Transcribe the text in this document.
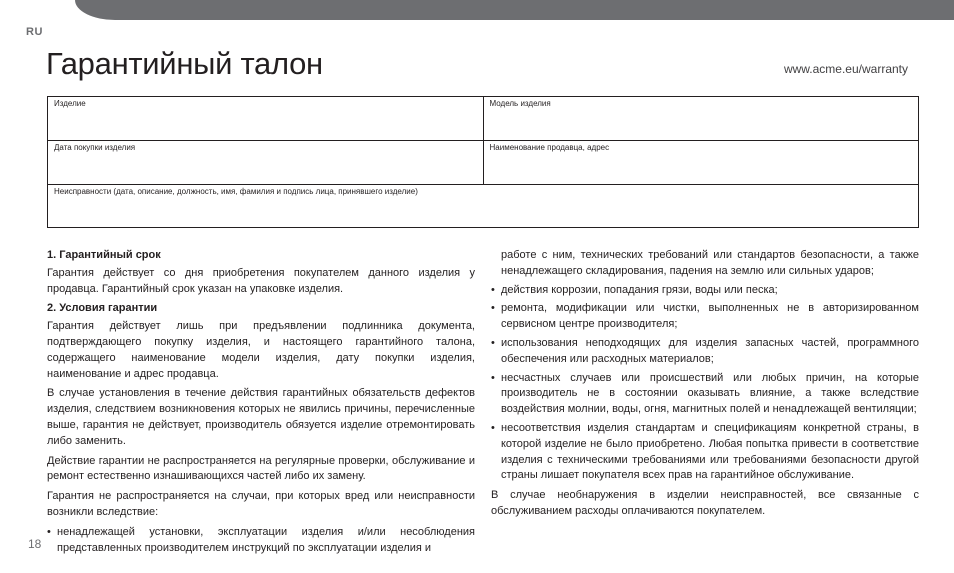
RU
Гарантийный талон	www.acme.eu/warranty
Изделие	Модель изделия
Дата покупки изделия	Наименование продавца, адрес
Неисправности (дата, описание, должность, имя, фамилия и подпись лица, принявшего изделие)
1. Гарантийный срок

Гарантия действует со дня приобретения покупателем данного изделия у продавца. Гарантийный срок указан на упаковке изделия.

2. Условия гарантии

Гарантия действует лишь при предъявлении подлинника документа, подтверждающего покупку изделия, и настоящего гарантийного талона, содержащего наименование модели изделия, дату покупки изделия, наименование и адрес продавца.

В случае установления в течение действия гарантийных обязательств дефектов изделия, следствием возникновения которых не явились причины, перечисленные выше, гарантия не действует, производитель обязуется изделие отремонтировать либо заменить.

Действие гарантии не распространяется на регулярные проверки, обслуживание и ремонт естественно изнашивающихся частей либо их замену.

Гарантия не распространяется на случаи, при которых вред или неисправности возникли вследствие:

• ненадлежащей установки, эксплуатации изделия и/или несоблюдения представленных производителем инструкций по эксплуатации изделия и
работе с ним, технических требований или стандартов безопасности, а также ненадлежащего складирования, падения на землю или сильных ударов;
• действия коррозии, попадания грязи, воды или песка;
• ремонта, модификации или чистки, выполненных не в авторизированном сервисном центре производителя;
• использования неподходящих для изделия запасных частей, программного обеспечения или расходных материалов;
• несчастных случаев или происшествий или любых причин, на которые производитель не в состоянии оказывать влияние, а также вследствие воздействия молнии, воды, огня, магнитных полей и ненадлежащей вентиляции;
• несоответствия изделия стандартам и спецификациям конкретной страны, в которой изделие не было приобретено. Любая попытка привести в соответствие изделия с техническими требованиями или требованиями безопасности другой страны лишает покупателя всех прав на гарантийное обслуживание.

В случае необнаружения в изделии неисправностей, все связанные с обслуживанием расходы оплачиваются покупателем.

18
